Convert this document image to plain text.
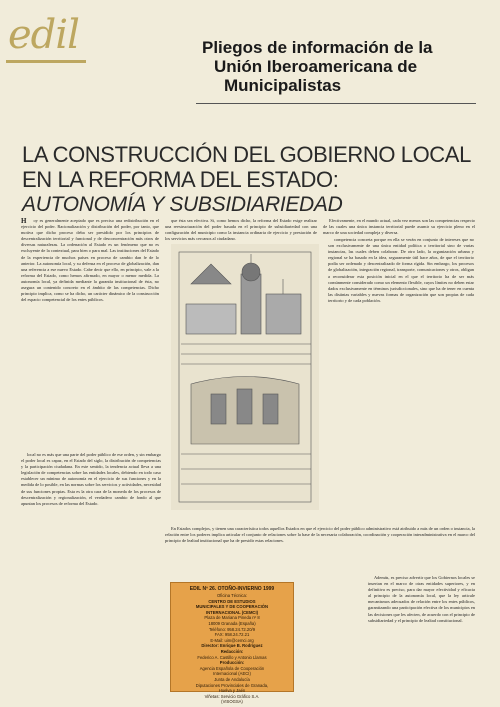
edil	Pliegos de información de la
Unión Iberoamericana de
Municipalistas
LA CONSTRUCCIÓN DEL GOBIERNO LOCAL
EN LA REFORMA DEL ESTADO:
AUTONOMÍA Y SUBSIDIARIEDAD
H	oy es generalmente aceptado que es preciso una redistribución en el ejercicio del poder. Racionalización y distribución del poder, por tanto, que motiva que dicho proceso deba ser presidido por los principios de descentralización territorial y funcional y de desconcentración más otros de diversas naturalezas. La ordenación al Estado es un fenómeno que no es excluyente de la contextual, para bien o para mal. Las instituciones del Estado de la experiencia de muchos países en proceso de cambio dan fe de lo anterior. La autonomía local, y su defensa en el proceso de globalización, dan una referencia a ese nuevo Estado. Cabe decir que ello, en principio, vale a la reforma del Estado, como hemos afirmado, en mayor o menor medida. La autonomía local, ya definida mediante la garantía institucional de ésta, no asegura un contenido concreto en el ámbito de las competencias. Dicho principio implica, como se ha dicho, un carácter dinámico de la construcción del espacio competencial de los entes públicos.

local no es más que una parte del poder público de ese orden, y sin embargo el poder local es capaz, en el Estado del siglo, la distribución de competencias y la participación ciudadana. En este sentido, la tendencia actual lleva a una legislación de competencias sobre las entidades locales, debiendo en todo caso establecer un mínimo de autonomía en el ejercicio de sus funciones y en la medida de lo posible, en las normas sobre los servicios y actividades, necesidad de sus funciones propias. Esta es la otra cara de la moneda de los procesos de descentralización y regionalización, el verdadero cambio de fondo al que apuntan los procesos de reforma del Estado.

que ésta sea efectiva. Si, como hemos dicho, la reforma del Estado exige realizar una reestructuración del poder basada en el principio de subsidiariedad con una configuración del municipio como la instancia ordinaria de ejercicio y prestación de los servicios más cercanos al ciudadano.

Efectivamente, en el mundo actual, cada vez menos son las competencias respecto de las cuales una única instancia territorial puede asumir su ejercicio pleno en el marco de una sociedad compleja y diversa.

competencia concreta porque en ella se verán en conjunto de intereses que no son exclusivamente de una única entidad política o territorial sino de varias instancias, las cuales deben colaborar. De otro lado, la organización urbana y regional se ha basado en la idea, seguramente útil hace años, de que el territorio podía ser ordenado y descentralizado de forma rígida. Sin embargo, los procesos de globalización, integración regional, transporte, comunicaciones y otros, obligan a reconsiderar esta posición inicial en el que el territorio ha de ser más comúnmente considerado como un elemento flexible, cuyos límites no deben estar dados exclusivamente en términos jurisdiccionales, sino que ha de tener en cuenta las distintas variables y nuevas formas de organización que son propias de cada territorio y de cada población.

En Estados complejos, y tienen una característica todos aquellos Estados en que el ejercicio del poder público administrativo está atribuido a más de un orden o instancia, la relación entre los poderes implica articular el conjunto de relaciones sobre la base de la necesaria colaboración, coordinación y cooperación interadministrativa en el marco del principio de lealtad institucional que ha de presidir estas relaciones.

Además, es preciso advertir que los Gobiernos locales se insertan en el marco de otras entidades superiores, y en definitiva es preciso, para dar mayor efectividad y eficacia al principio de la autonomía local, que la ley articule mecanismos adecuados de relación entre los entes públicos, garantizando una participación efectiva de los municipios en las decisiones que les afecten, de acuerdo con el principio de subsidiariedad y el principio de lealtad constitucional.

EDIL Nº 26. OTOÑO-INVIERNO 1999
Oficina Técnica:
CENTRO DE ESTUDIOS
MUNICIPALES Y DE COOPERACIÓN
INTERNACIONAL (CEMCI)
Plaza de Mariana Pineda nº 8
18009 Granada (España)
Teléfono: 958.24.72.20/9
FAX: 958.24.72.21
E-Mail: uim@cemci.org
Director: Enrique B. Rodríguez
Redacción:
Federico A. Castillo y Antonio Llamas
Producción:
Agencia Española de Cooperación
Internacional (AECI)
Junta de Andalucía
Diputaciones Provinciales de Granada,
Huelva y Jaén
Viñetas: Servicio Gráfico S.A.
(VISOGSA)
